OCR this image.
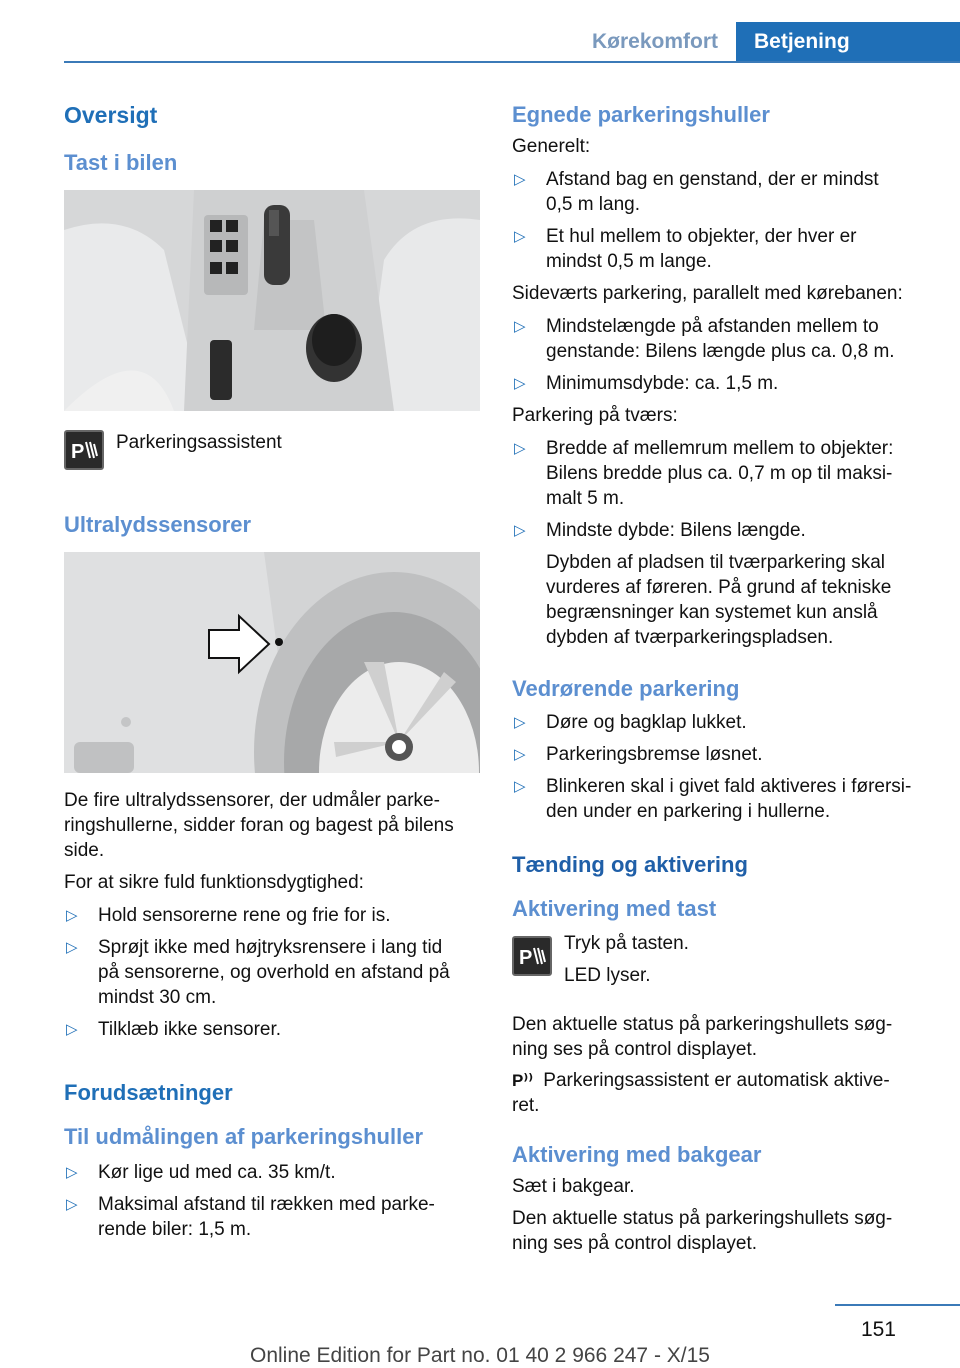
Kørekomfort	Betjening
Oversigt
Tast i bilen
P Parkeringsassistent
Ultralydssensorer

De fire ultralydssensorer, der udmåler parke‐

ringshullerne, sidder foran og bagest på bilens

side.

For at sikre fuld funktionsdygtighed:

▷ Hold sensorerne rene og frie for is.
▷ Sprøjt ikke med højtryksrensere i lang tid
på sensorerne, og overhold en afstand på
mindst 30 cm.
▷ Tilklæb ikke sensorer.
Forudsætninger
Til udmålingen af parkeringshuller
▷ Kør lige ud med ca. 35 km/t.
▷ Maksimal afstand til rækken med parke‐
rende biler: 1,5 m.
Egnede parkeringshuller

Generelt:

▷ Afstand bag en genstand, der er mindst
0,5 m lang.
▷ Et hul mellem to objekter, der hver er
mindst 0,5 m lange.

Sideværts parkering, parallelt med kørebanen:

▷ Mindstelængde på afstanden mellem to
genstande: Bilens længde plus ca. 0,8 m.
▷ Minimumsdybde: ca. 1,5 m.

Parkering på tværs:

▷ Bredde af mellemrum mellem to objekter:
Bilens bredde plus ca. 0,7 m op til maksi‐
malt 5 m.
▷ Mindste dybde: Bilens længde.

Dybden af pladsen til tværparkering skal

vurderes af føreren. På grund af tekniske

begrænsninger kan systemet kun anslå

dybden af tværparkeringspladsen.

Vedrørende parkering
▷ Døre og bagklap lukket.
▷ Parkeringsbremse løsnet.
▷ Blinkeren skal i givet fald aktiveres i førersi‐
den under en parkering i hullerne.
Tænding og aktivering
Aktivering med tast
P

Tryk på tasten.

LED lyser.

Den aktuelle status på parkeringshullets søg‐

ning ses på control displayet.

P⁾⁾ Parkeringsassistent er automatisk aktive‐

ret.

Aktivering med bakgear

Sæt i bakgear.

Den aktuelle status på parkeringshullets søg‐

ning ses på control displayet.

151
Online Edition for Part no. 01 40 2 966 247 - X/15
